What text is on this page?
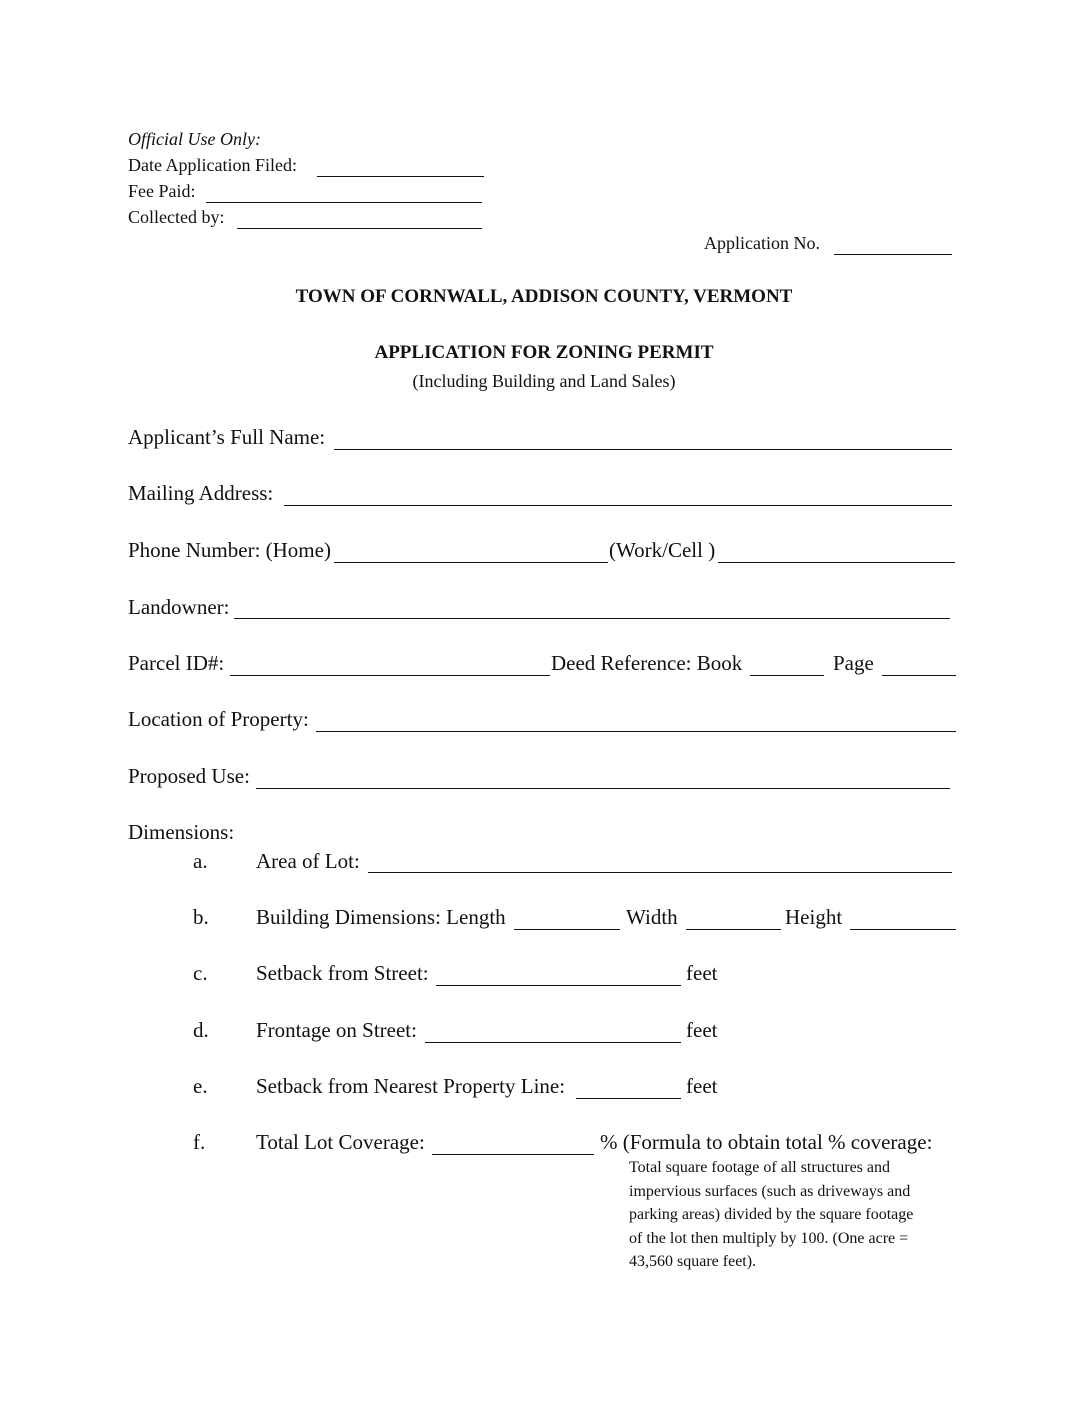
Official Use Only:
Date Application Filed:
Fee Paid:
Collected by:
Application No.
TOWN OF CORNWALL, ADDISON COUNTY, VERMONT
APPLICATION FOR ZONING PERMIT
(Including Building and Land Sales)
Applicant’s Full Name:
Mailing Address:
Phone Number: (Home)	(Work/Cell )
Landowner:
Parcel ID#:	Deed Reference: Book	Page
Location of Property:
Proposed Use:
Dimensions:
a. Area of Lot:
b. Building Dimensions: Length	Width	Height
c. Setback from Street:	feet
d. Frontage on Street:	feet
e. Setback from Nearest Property Line:	feet
f. Total Lot Coverage:	% (Formula to obtain total % coverage:
Total square footage of all structures and
impervious surfaces (such as driveways and
parking areas) divided by the square footage
of the lot then multiply by 100. (One acre =
43,560 square feet).
